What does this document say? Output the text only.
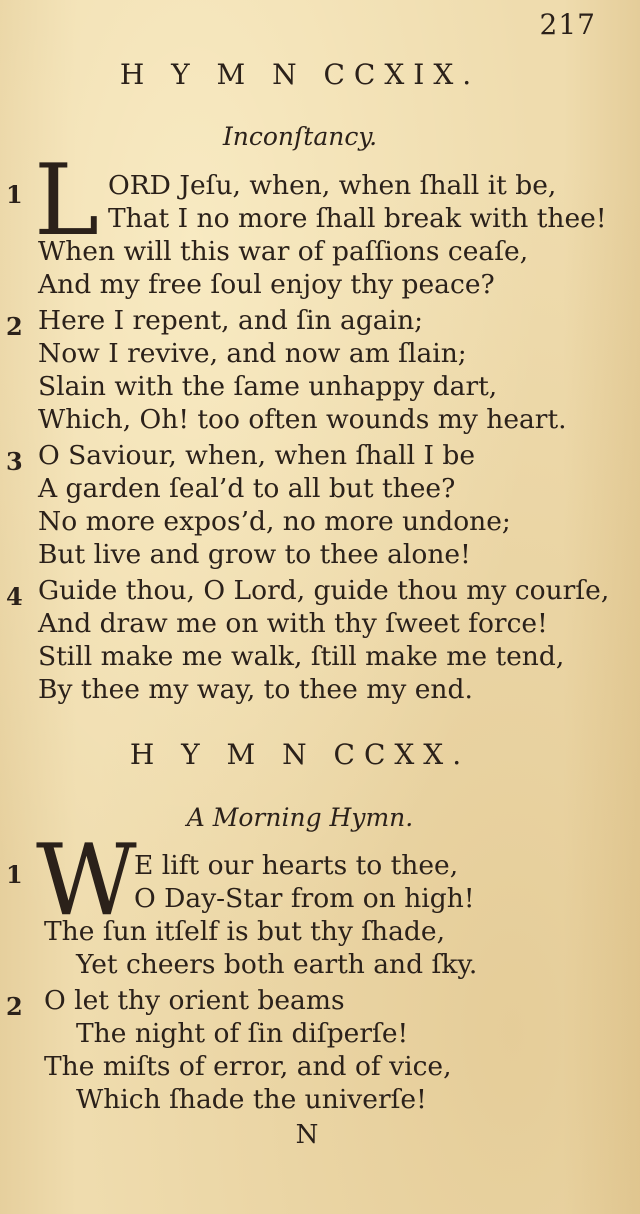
217
H Y M N CCXIX.
Inconſtancy.
1 L ORD Jeſu, when, when ſhall it be,
That I no more ſhall break with thee!
When will this war of paſſions ceaſe,
And my free ſoul enjoy thy peace?
2 Here I repent, and ſin again;
Now I revive, and now am ſlain;
Slain with the ſame unhappy dart,
Which, Oh! too often wounds my heart.
3 O Saviour, when, when ſhall I be
A garden ſeal’d to all but thee?
No more expos’d, no more undone;
But live and grow to thee alone!
4 Guide thou, O Lord, guide thou my courſe,
And draw me on with thy ſweet force!
Still make me walk, ſtill make me tend,
By thee my way, to thee my end.
H Y M N CCXX.
A Morning Hymn.
1 W
E lift our hearts to thee,
O Day-Star from on high!
The ſun itſelf is but thy ſhade,
Yet cheers both earth and ſky.
2 O let thy orient beams
The night of ſin diſperſe!
The miſts of error, and of vice,
Which ſhade the univerſe!
N
